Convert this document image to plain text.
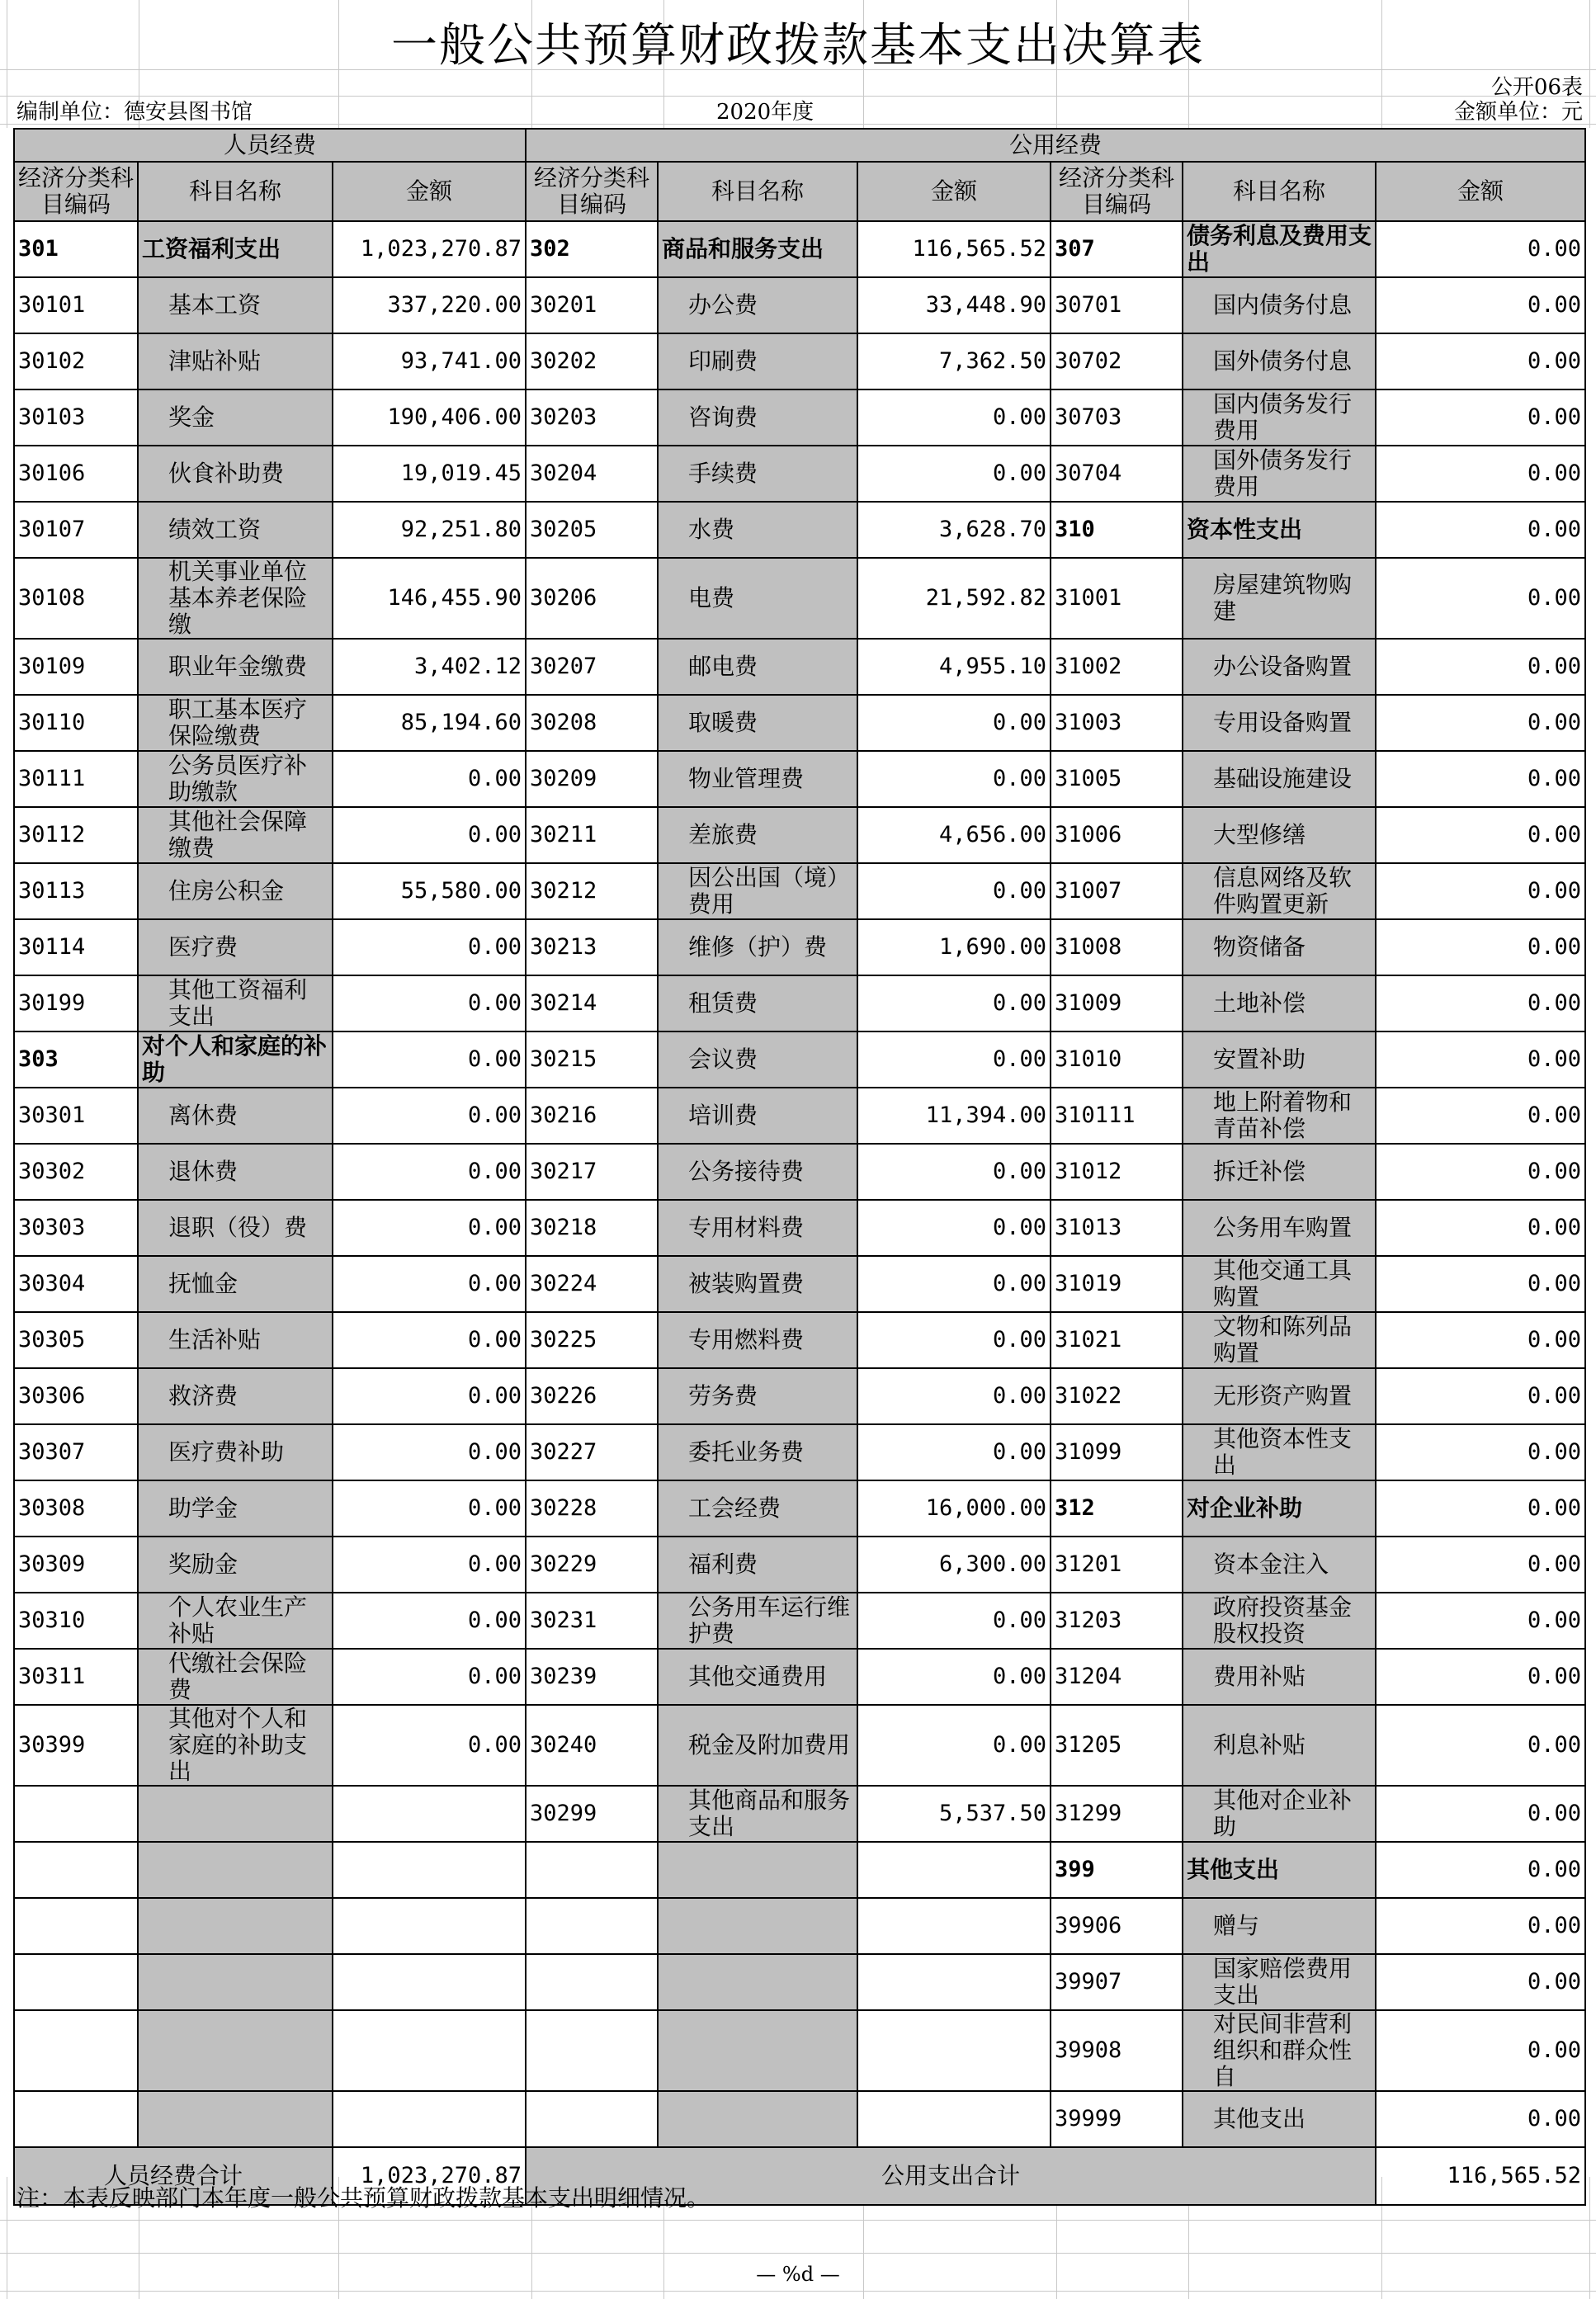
一般公共预算财政拨款基本支出决算表
公开06表
编制单位：德安县图书馆	2020年度	金额单位：元
人员经费			公用经费					
经济分类科目编码	科目名称	金额	经济分类科目编码	科目名称	金额	经济分类科目编码	科目名称	金额
301	工资福利支出	1,023,270.87	302	商品和服务支出	116,565.52	307	债务利息及费用支出	0.00
30101	基本工资	337,220.00	30201	办公费	33,448.90	30701	国内债务付息	0.00
30102	津贴补贴	93,741.00	30202	印刷费	7,362.50	30702	国外债务付息	0.00
30103	奖金	190,406.00	30203	咨询费	0.00	30703	国内债务发行费用	0.00
30106	伙食补助费	19,019.45	30204	手续费	0.00	30704	国外债务发行费用	0.00
30107	绩效工资	92,251.80	30205	水费	3,628.70	310	资本性支出	0.00
30108	机关事业单位基本养老保险缴	146,455.90	30206	电费	21,592.82	31001	房屋建筑物购建	0.00
30109	职业年金缴费	3,402.12	30207	邮电费	4,955.10	31002	办公设备购置	0.00
30110	职工基本医疗保险缴费	85,194.60	30208	取暖费	0.00	31003	专用设备购置	0.00
30111	公务员医疗补助缴款	0.00	30209	物业管理费	0.00	31005	基础设施建设	0.00
30112	其他社会保障缴费	0.00	30211	差旅费	4,656.00	31006	大型修缮	0.00
30113	住房公积金	55,580.00	30212	因公出国（境）费用	0.00	31007	信息网络及软件购置更新	0.00
30114	医疗费	0.00	30213	维修（护）费	1,690.00	31008	物资储备	0.00
30199	其他工资福利支出	0.00	30214	租赁费	0.00	31009	土地补偿	0.00
303	对个人和家庭的补助	0.00	30215	会议费	0.00	31010	安置补助	0.00
30301	离休费	0.00	30216	培训费	11,394.00	310111	地上附着物和青苗补偿	0.00
30302	退休费	0.00	30217	公务接待费	0.00	31012	拆迁补偿	0.00
30303	退职（役）费	0.00	30218	专用材料费	0.00	31013	公务用车购置	0.00
30304	抚恤金	0.00	30224	被装购置费	0.00	31019	其他交通工具购置	0.00
30305	生活补贴	0.00	30225	专用燃料费	0.00	31021	文物和陈列品购置	0.00
30306	救济费	0.00	30226	劳务费	0.00	31022	无形资产购置	0.00
30307	医疗费补助	0.00	30227	委托业务费	0.00	31099	其他资本性支出	0.00
30308	助学金	0.00	30228	工会经费	16,000.00	312	对企业补助	0.00
30309	奖励金	0.00	30229	福利费	6,300.00	31201	资本金注入	0.00
30310	个人农业生产补贴	0.00	30231	公务用车运行维护费	0.00	31203	政府投资基金股权投资	0.00
30311	代缴社会保险费	0.00	30239	其他交通费用	0.00	31204	费用补贴	0.00
30399	其他对个人和家庭的补助支出	0.00	30240	税金及附加费用	0.00	31205	利息补贴	0.00
			30299	其他商品和服务支出	5,537.50	31299	其他对企业补助	0.00
						399	其他支出	0.00
						39906	赠与	0.00
						39907	国家赔偿费用支出	0.00
						39908	对民间非营利组织和群众性自	0.00
						39999	其他支出	0.00
人员经费合计		1,023,270.87	公用支出合计					116,565.52
注：本表反映部门本年度一般公共预算财政拨款基本支出明细情况。
— %d —
